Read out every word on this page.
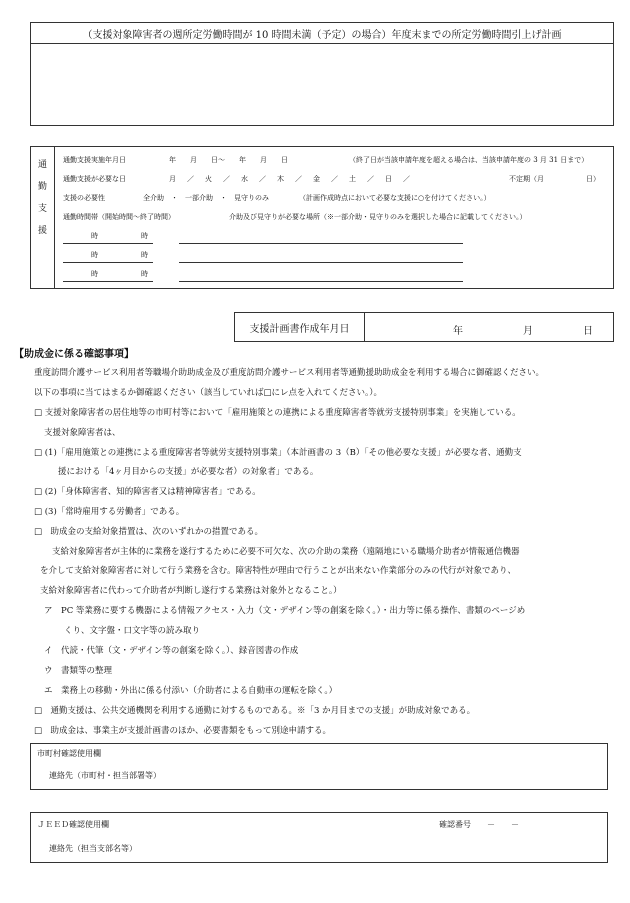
（支援対象障害者の週所定労働時間が 10 時間未満（予定）の場合）年度末までの所定労働時間引上げ計画
通
勤
支
援
通勤支援実施年月日	年　　月　　日～　　年　　月　　日	（終了日が当該申請年度を超える場合は、当該申請年度の 3 月 31 日まで）
通勤支援が必要な日	月 ／ 火 ／ 水 ／ 木 ／ 金 ／ 土 ／ 日 ／	不定期（月　　　　　　日）
支援の必要性	全介助　・　一部介助　・　見守りのみ	（計画作成時点において必要な支援に○を付けてください。）
通勤時間帯（開始時間～終了時間）	介助及び見守りが必要な場所（※一部介助・見守りのみを選択した場合に記載してください。）
時	時
時	時
時	時
支援計画書作成年月日	年	月	日
【助成金に係る確認事項】
重度訪問介護サービス利用者等職場介助助成金及び重度訪問介護サービス利用者等通勤援助助成金を利用する場合に御確認ください。
以下の事項に当てはまるか御確認ください（該当していれば□にレ点を入れてください。）。
□ 支援対象障害者の居住地等の市町村等において「雇用施策との連携による重度障害者等就労支援特別事業」を実施している。
支援対象障害者は、
□ (1)「雇用施策との連携による重度障害者等就労支援特別事業」（本計画書の 3（B）「その他必要な支援」が必要な者、通勤支
援における「4ヶ月目からの支援」が必要な者）の対象者」である。
□ (2)「身体障害者、知的障害者又は精神障害者」である。
□ (3)「常時雇用する労働者」である。
□　助成金の支給対象措置は、次のいずれかの措置である。
支給対象障害者が主体的に業務を遂行するために必要不可欠な、次の介助の業務（遠隔地にいる職場介助者が情報通信機器
を介して支給対象障害者に対して行う業務を含む。障害特性が理由で行うことが出来ない作業部分のみの代行が対象であり、
支給対象障害者に代わって介助者が判断し遂行する業務は対象外となること。）
ア　PC 等業務に要する機器による情報アクセス・入力（文・デザイン等の創案を除く。）・出力等に係る操作、書類のページめ
くり、文字盤・口文字等の読み取り
イ　代読・代筆（文・デザイン等の創案を除く。）、録音図書の作成
ウ　書類等の整理
エ　業務上の移動・外出に係る付添い（介助者による自動車の運転を除く。）
□　通勤支援は、公共交通機関を利用する通勤に対するものである。※「3 か月目までの支援」が助成対象である。
□　助成金は、事業主が支援計画書のほか、必要書類をもって別途申請する。
市町村確認使用欄
連絡先（市町村・担当部署等）
ＪＥＥＤ確認使用欄	確認番号　　－　　－
連絡先（担当支部名等）
